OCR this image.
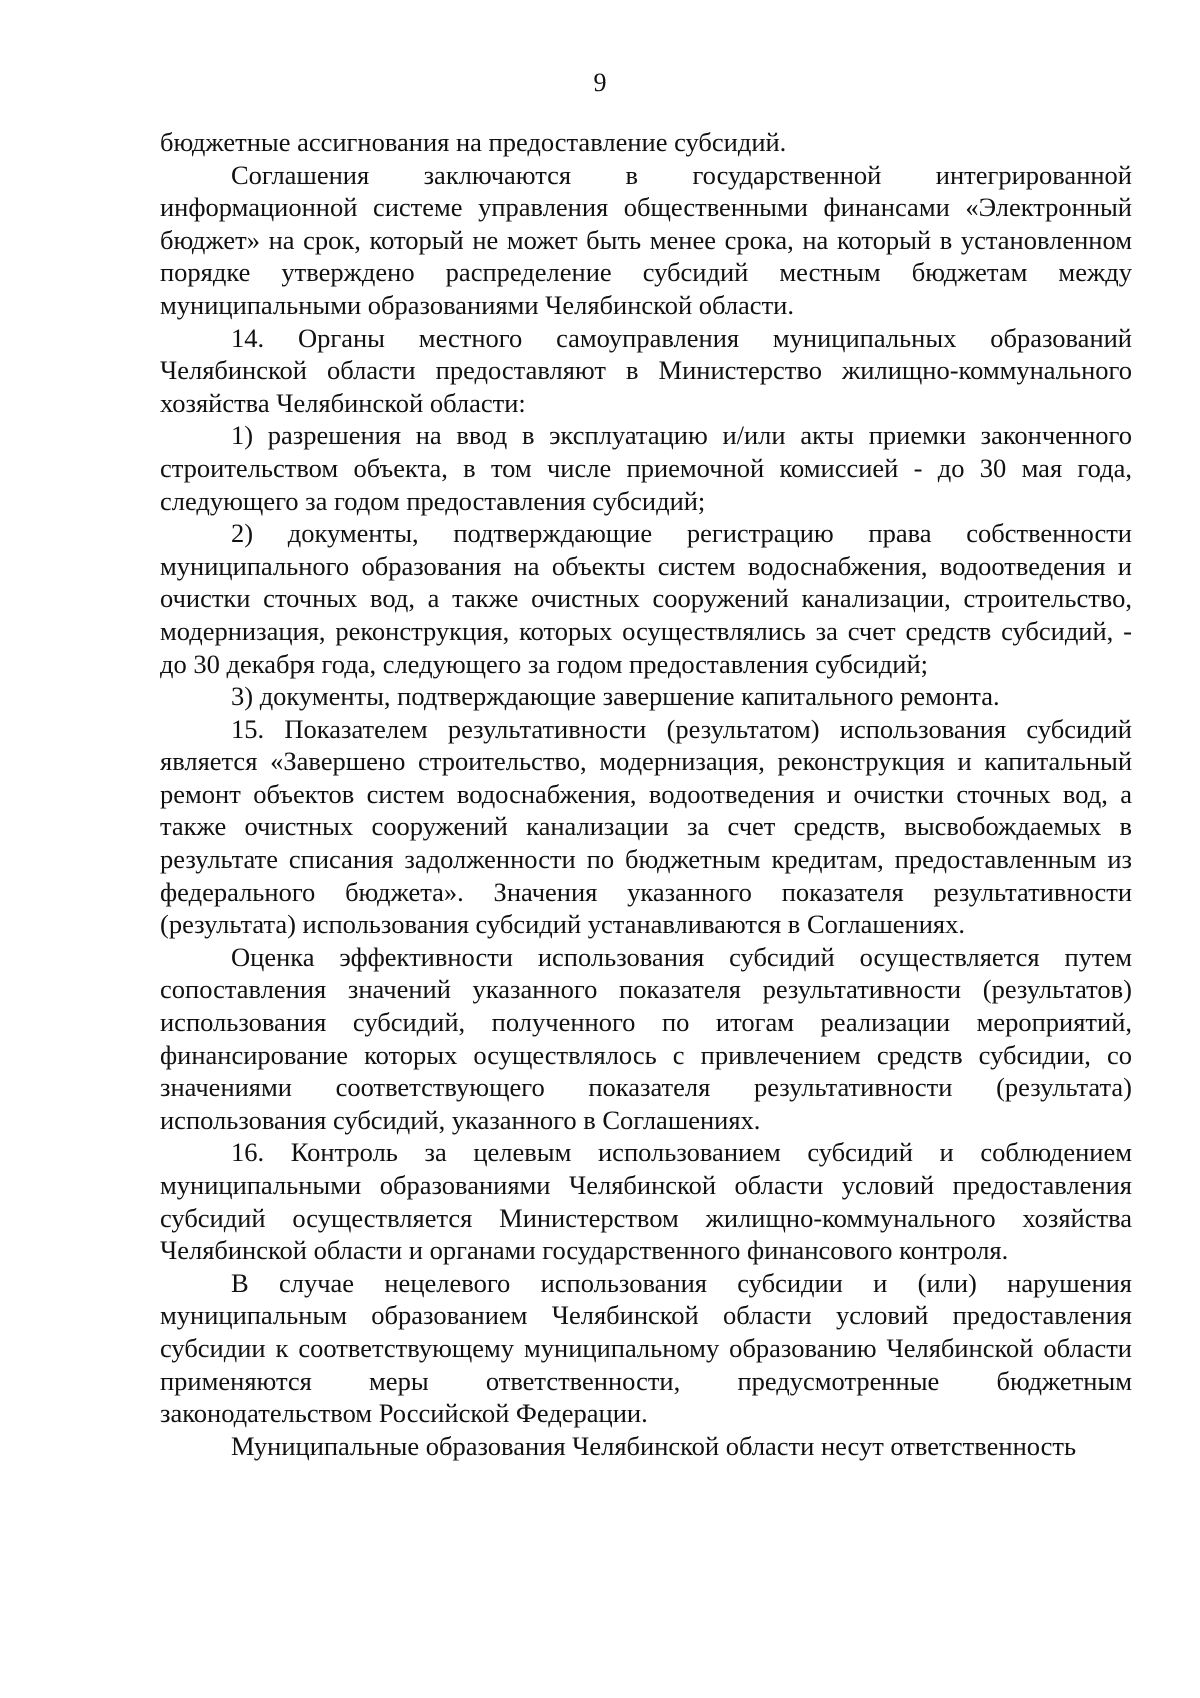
9

бюджетные ассигнования на предоставление субсидий.

Соглашения заключаются в государственной интегрированной информационной системе управления общественными финансами «Электронный бюджет» на срок, который не может быть менее срока, на который в установленном порядке утверждено распределение субсидий местным бюджетам между муниципальными образованиями Челябинской области.

14. Органы местного самоуправления муниципальных образований Челябинской области предоставляют в Министерство жилищно-коммунального хозяйства Челябинской области:

1) разрешения на ввод в эксплуатацию и/или акты приемки законченного строительством объекта, в том числе приемочной комиссией - до 30 мая года, следующего за годом предоставления субсидий;

2) документы, подтверждающие регистрацию права собственности муниципального образования на объекты систем водоснабжения, водоотведения и очистки сточных вод, а также очистных сооружений канализации, строительство, модернизация, реконструкция, которых осуществлялись за счет средств субсидий, - до 30 декабря года, следующего за годом предоставления субсидий;

3) документы, подтверждающие завершение капитального ремонта.

15. Показателем результативности (результатом) использования субсидий является «Завершено строительство, модернизация, реконструкция и капитальный ремонт объектов систем водоснабжения, водоотведения и очистки сточных вод, а также очистных сооружений канализации за счет средств, высвобождаемых в результате списания задолженности по бюджетным кредитам, предоставленным из федерального бюджета». Значения указанного показателя результативности (результата) использования субсидий устанавливаются в Соглашениях.

Оценка эффективности использования субсидий осуществляется путем сопоставления значений указанного показателя результативности (результатов) использования субсидий, полученного по итогам реализации мероприятий, финансирование которых осуществлялось с привлечением средств субсидии, со значениями соответствующего показателя результативности (результата) использования субсидий, указанного в Соглашениях.

16. Контроль за целевым использованием субсидий и соблюдением муниципальными образованиями Челябинской области условий предоставления субсидий осуществляется Министерством жилищно-коммунального хозяйства Челябинской области и органами государственного финансового контроля.

В случае нецелевого использования субсидии и (или) нарушения муниципальным образованием Челябинской области условий предоставления субсидии к соответствующему муниципальному образованию Челябинской области применяются меры ответственности, предусмотренные бюджетным законодательством Российской Федерации.

Муниципальные образования Челябинской области несут ответственность
